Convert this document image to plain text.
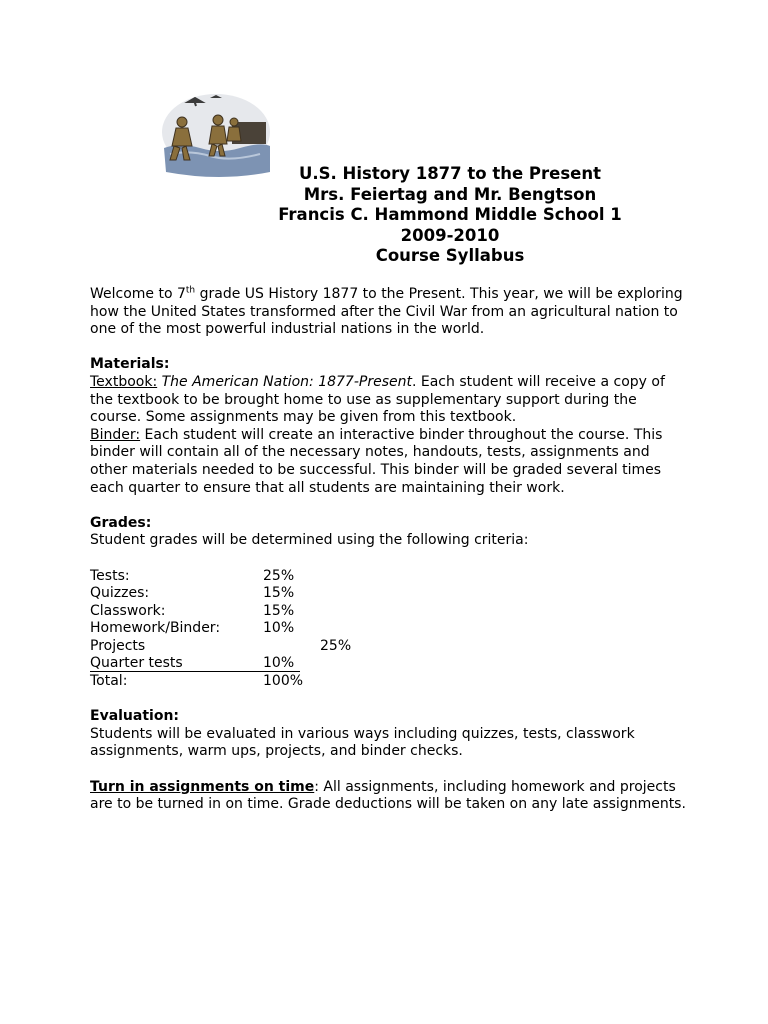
U.S. History 1877 to the Present
Mrs. Feiertag and Mr. Bengtson
Francis C. Hammond Middle School 1
2009-2010
Course Syllabus

Welcome to 7th grade US History 1877 to the Present. This year, we will be exploring how the United States transformed after the Civil War from an agricultural nation to one of the most powerful industrial nations in the world.

Materials:

Textbook: The American Nation: 1877-Present. Each student will receive a copy of the textbook to be brought home to use as supplementary support during the course. Some assignments may be given from this textbook.

Binder: Each student will create an interactive binder throughout the course. This binder will contain all of the necessary notes, handouts, tests, assignments and other materials needed to be successful. This binder will be graded several times each quarter to ensure that all students are maintaining their work.

Grades:

Student grades will be determined using the following criteria:

Tests:	25%
Quizzes:	15%
Classwork:	15%
Homework/Binder:	10%
Projects	25%
Quarter tests	10%
Total:	100%

Evaluation:

Students will be evaluated in various ways including quizzes, tests, classwork assignments, warm ups, projects, and binder checks.

Turn in assignments on time: All assignments, including homework and projects are to be turned in on time. Grade deductions will be taken on any late assignments.
